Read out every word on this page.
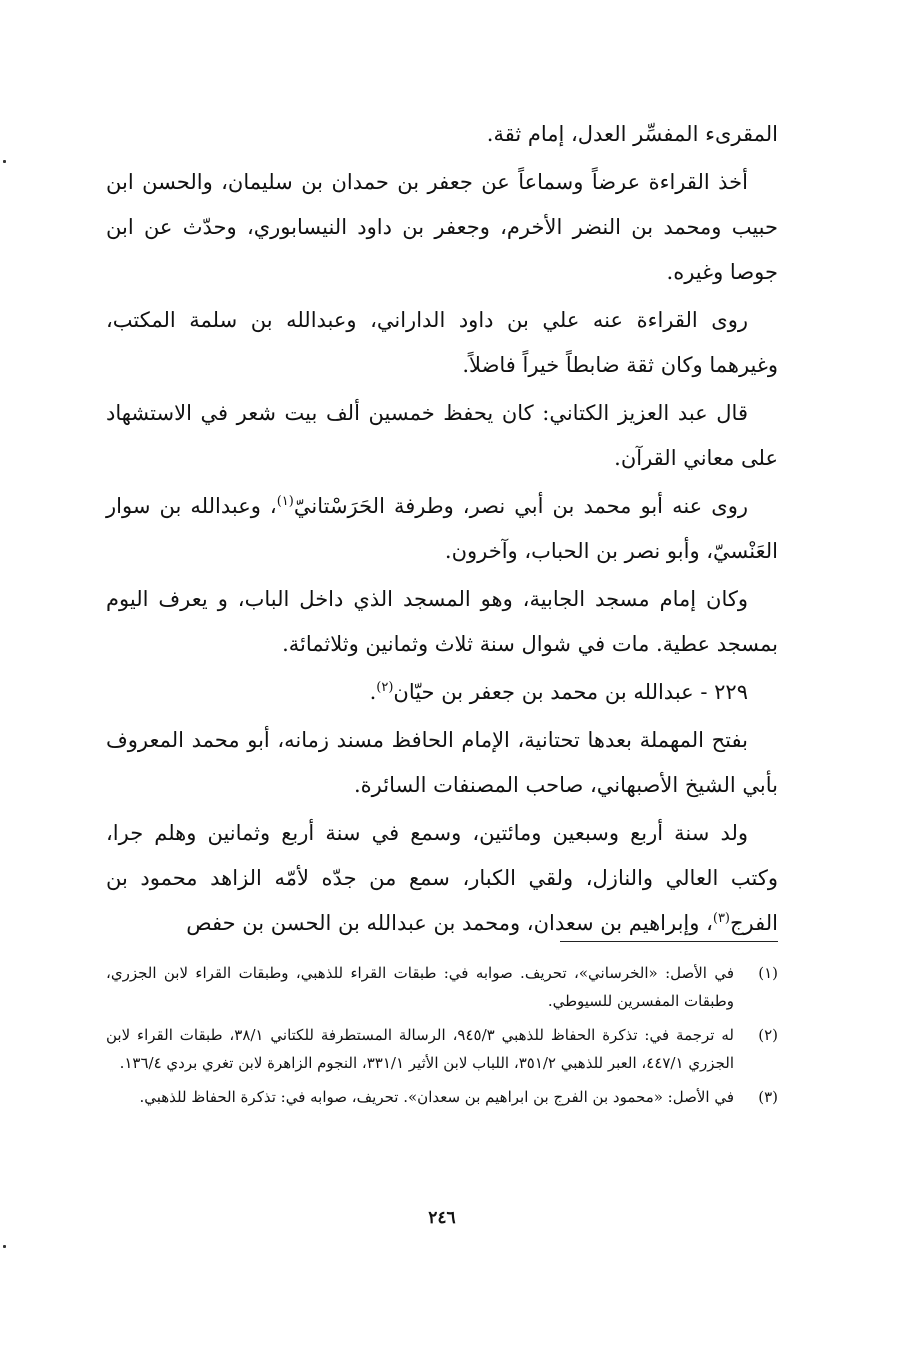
المقرىء المفسِّر العدل، إمام ثقة.

أخذ القراءة عرضاً وسماعاً عن جعفر بن حمدان بن سليمان، والحسن ابن حبيب ومحمد بن النضر الأخرم، وجعفر بن داود النيسابوري، وحدّث عن ابن جوصا وغيره.

روى القراءة عنه علي بن داود الداراني، وعبدالله بن سلمة المكتب، وغيرهما وكان ثقة ضابطاً خيراً فاضلاً.

قال عبد العزيز الكتاني: كان يحفظ خمسين ألف بيت شعر في الاستشهاد على معاني القرآن.

روى عنه أبو محمد بن أبي نصر، وطرفة الحَرَسْتانيّ$^{(١)}$، وعبدالله بن سوار العَنْسيّ، وأبو نصر بن الحباب، وآخرون.

وكان إمام مسجد الجابية، وهو المسجد الذي داخل الباب، و يعرف اليوم بمسجد عطية. مات في شوال سنة ثلاث وثمانين وثلاثمائة.

٢٢٩ - عبدالله بن محمد بن جعفر بن حيّان$^{(٢)}$.

بفتح المهملة بعدها تحتانية، الإمام الحافظ مسند زمانه، أبو محمد المعروف بأبي الشيخ الأصبهاني، صاحب المصنفات السائرة.

ولد سنة أربع وسبعين ومائتين، وسمع في سنة أربع وثمانين وهلم جرا، وكتب العالي والنازل، ولقي الكبار، سمع من جدّه لأمّه الزاهد محمود بن الفرج$^{(٣)}$، وإبراهيم بن سعدان، ومحمد بن عبدالله بن الحسن بن حفص

(١)
في الأصل: «الخرساني»، تحريف. صوابه في: طبقات القراء للذهبي، وطبقات القراء لابن الجزري، وطبقات المفسرين للسيوطي.
(٢)
له ترجمة في: تذكرة الحفاظ للذهبي ٩٤٥/٣، الرسالة المستطرفة للكتاني ٣٨/١، طبقات القراء لابن الجزري ٤٤٧/١، العبر للذهبي ٣٥١/٢، اللباب لابن الأثير ٣٣١/١، النجوم الزاهرة لابن تغري بردي ١٣٦/٤.
(٣)
في الأصل: «محمود بن الفرج بن ابراهيم بن سعدان». تحريف، صوابه في: تذكرة الحفاظ للذهبي.
٢٤٦
